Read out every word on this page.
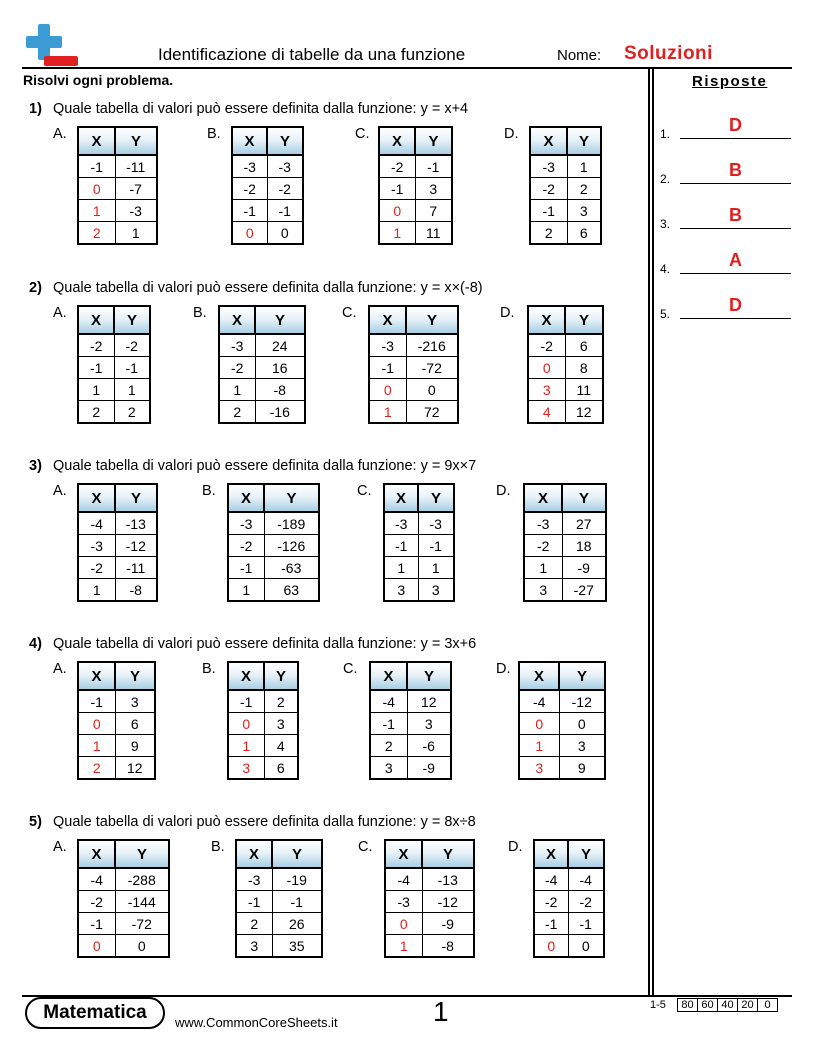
Identificazione di tabelle da una funzione	Nome: Soluzioni
Risolvi ogni problema.	Risposte
1) Quale tabella di valori può essere definita dalla funzione: y = x+4
A. X	Y
-1	-11
0	-7
1	-3
2	1
B. X	Y
-3	-3
-2	-2
-1	-1
0	0
C. X	Y
-2	-1
-1	3
0	7
1	11
D. X	Y
-3	1
-2	2
-1	3
2	6
2) Quale tabella di valori può essere definita dalla funzione: y = x×(-8)
A. X	Y
-2	-2
-1	-1
1	1
2	2
B. X	Y
-3	24
-2	16
1	-8
2	-16
C. X	Y
-3	-216
-1	-72
0	0
1	72
D. X	Y
-2	6
0	8
3	11
4	12
3) Quale tabella di valori può essere definita dalla funzione: y = 9x×7
A. X	Y
-4	-13
-3	-12
-2	-11
1	-8
B. X	Y
-3	-189
-2	-126
-1	-63
1	63
C. X	Y
-3	-3
-1	-1
1	1
3	3
D. X	Y
-3	27
-2	18
1	-9
3	-27
4) Quale tabella di valori può essere definita dalla funzione: y = 3x+6
A. X	Y
-1	3
0	6
1	9
2	12
B. X	Y
-1	2
0	3
1	4
3	6
C. X	Y
-4	12
-1	3
2	-6
3	-9
D. X	Y
-4	-12
0	0
1	3
3	9
5) Quale tabella di valori può essere definita dalla funzione: y = 8x÷8
A. X	Y
-4	-288
-2	-144
-1	-72
0	0
B. X	Y
-3	-19
-1	-1
2	26
3	35
C. X	Y
-4	-13
-3	-12
0	-9
1	-8
D. X	Y
-4	-4
-2	-2
-1	-1
0	0
1.	D
2.	B
3.	B
4.	A
5.	D
Matematica	www.CommonCoreSheets.it	1	1-5 80	60	40	20	0
